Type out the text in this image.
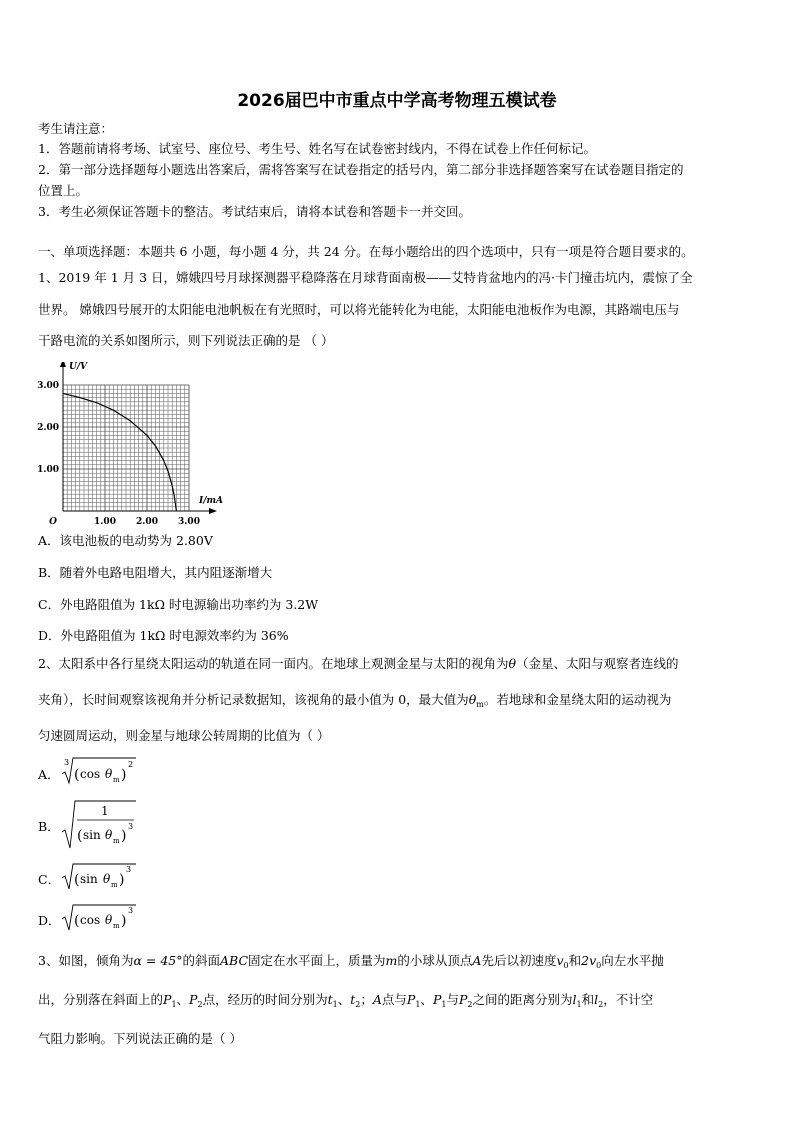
2026届巴中市重点中学高考物理五模试卷
考生请注意：
1．答题前请将考场、试室号、座位号、考生号、姓名写在试卷密封线内，不得在试卷上作任何标记。
2．第一部分选择题每小题选出答案后，需将答案写在试卷指定的括号内，第二部分非选择题答案写在试卷题目指定的
位置上。
3．考生必须保证答题卡的整洁。考试结束后，请将本试卷和答题卡一并交回。
一、单项选择题：本题共 6 小题，每小题 4 分，共 24 分。在每小题给出的四个选项中，只有一项是符合题目要求的。
1、2019 年 1 月 3 日，嫦娥四号月球探测器平稳降落在月球背面南极——艾特肯盆地内的冯·卡门撞击坑内，震惊了全
世界。 嫦娥四号展开的太阳能电池帆板在有光照时，可以将光能转化为电能，太阳能电池板作为电源，其路端电压与
干路电流的关系如图所示，则下列说法正确的是 （ ）
1.00 2.00 3.00
1.00
2.00
3.00
O
I/mA
U/V
A．该电池板的电动势为 2.80V
B．随着外电路电阻增大，其内阻逐渐增大
C．外电路阻值为 1kΩ 时电源输出功率约为 3.2W
D．外电路阻值为 1kΩ 时电源效率约为 36%
2、太阳系中各行星绕太阳运动的轨道在同一面内。在地球上观测金星与太阳的视角为θ（金星、太阳与观察者连线的
夹角），长时间观察该视角并分析记录数据知，该视角的最小值为 0，最大值为$\theta_m$。若地球和金星绕太阳的运动视为
匀速圆周运动，则金星与地球公转周期的比值为（ ）
A．
3
( cos θ m )
2
B．
1
( sin θ m )
3
C． ( sin θ m )
3
D． ( cos θ m )
3
3、如图，倾角为α = 45°的斜面ABC固定在水平面上，质量为m的小球从顶点A先后以初速度$v_0$和$2v_0$向左水平抛
出，分别落在斜面上的$P_1$、$P_2$点，经历的时间分别为$t_1$、$t_2$；A点与$P_1$、$P_1$与$P_2$之间的距离分别为$l_1$和$l_2$，不计空
气阻力影响。下列说法正确的是（ ）
